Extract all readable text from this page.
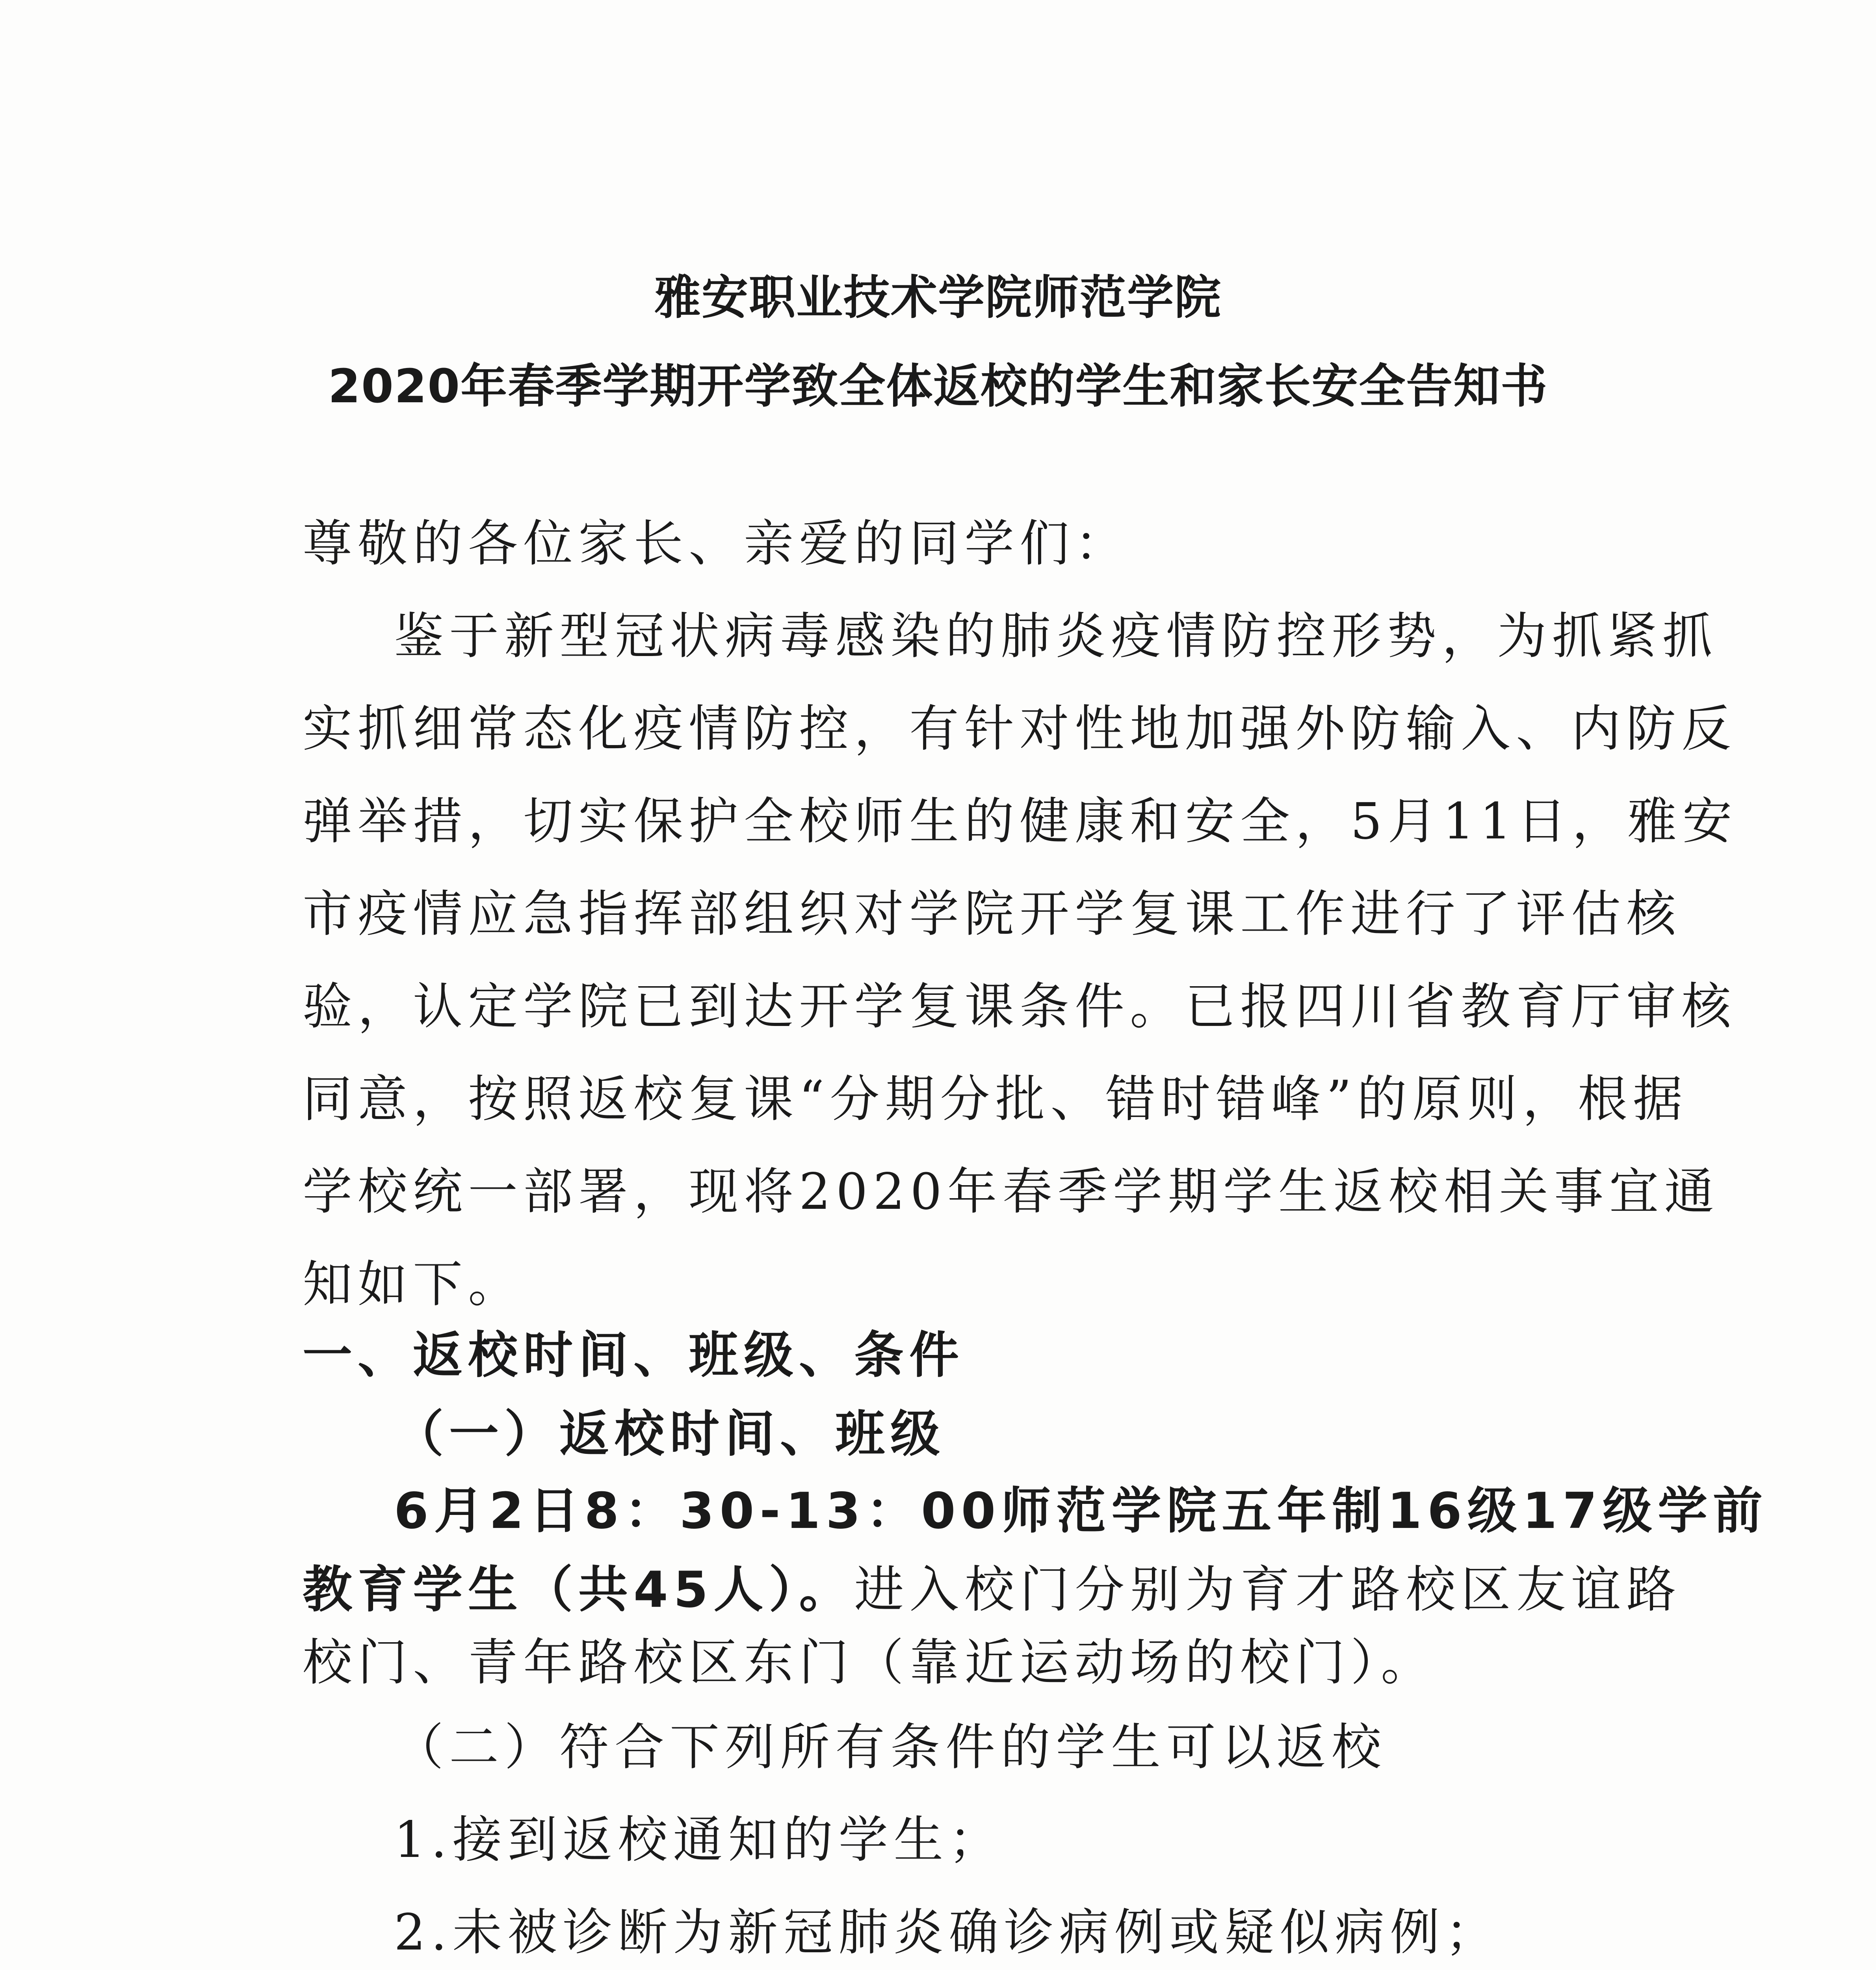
雅安职业技术学院师范学院
2020年春季学期开学致全体返校的学生和家长安全告知书
尊敬的各位家长、亲爱的同学们：
鉴于新型冠状病毒感染的肺炎疫情防控形势，为抓紧抓
实抓细常态化疫情防控，有针对性地加强外防输入、内防反
弹举措，切实保护全校师生的健康和安全，5月11日，雅安
市疫情应急指挥部组织对学院开学复课工作进行了评估核
验，认定学院已到达开学复课条件。已报四川省教育厅审核
同意，按照返校复课“分期分批、错时错峰”的原则，根据
学校统一部署，现将2020年春季学期学生返校相关事宜通
知如下。
一、返校时间、班级、条件
（一）返校时间、班级
6月2日8：30-13：00师范学院五年制16级17级学前
教育学生（共45人）。进入校门分别为育才路校区友谊路
校门、青年路校区东门（靠近运动场的校门）。
（二）符合下列所有条件的学生可以返校
1.接到返校通知的学生；
2.未被诊断为新冠肺炎确诊病例或疑似病例；
